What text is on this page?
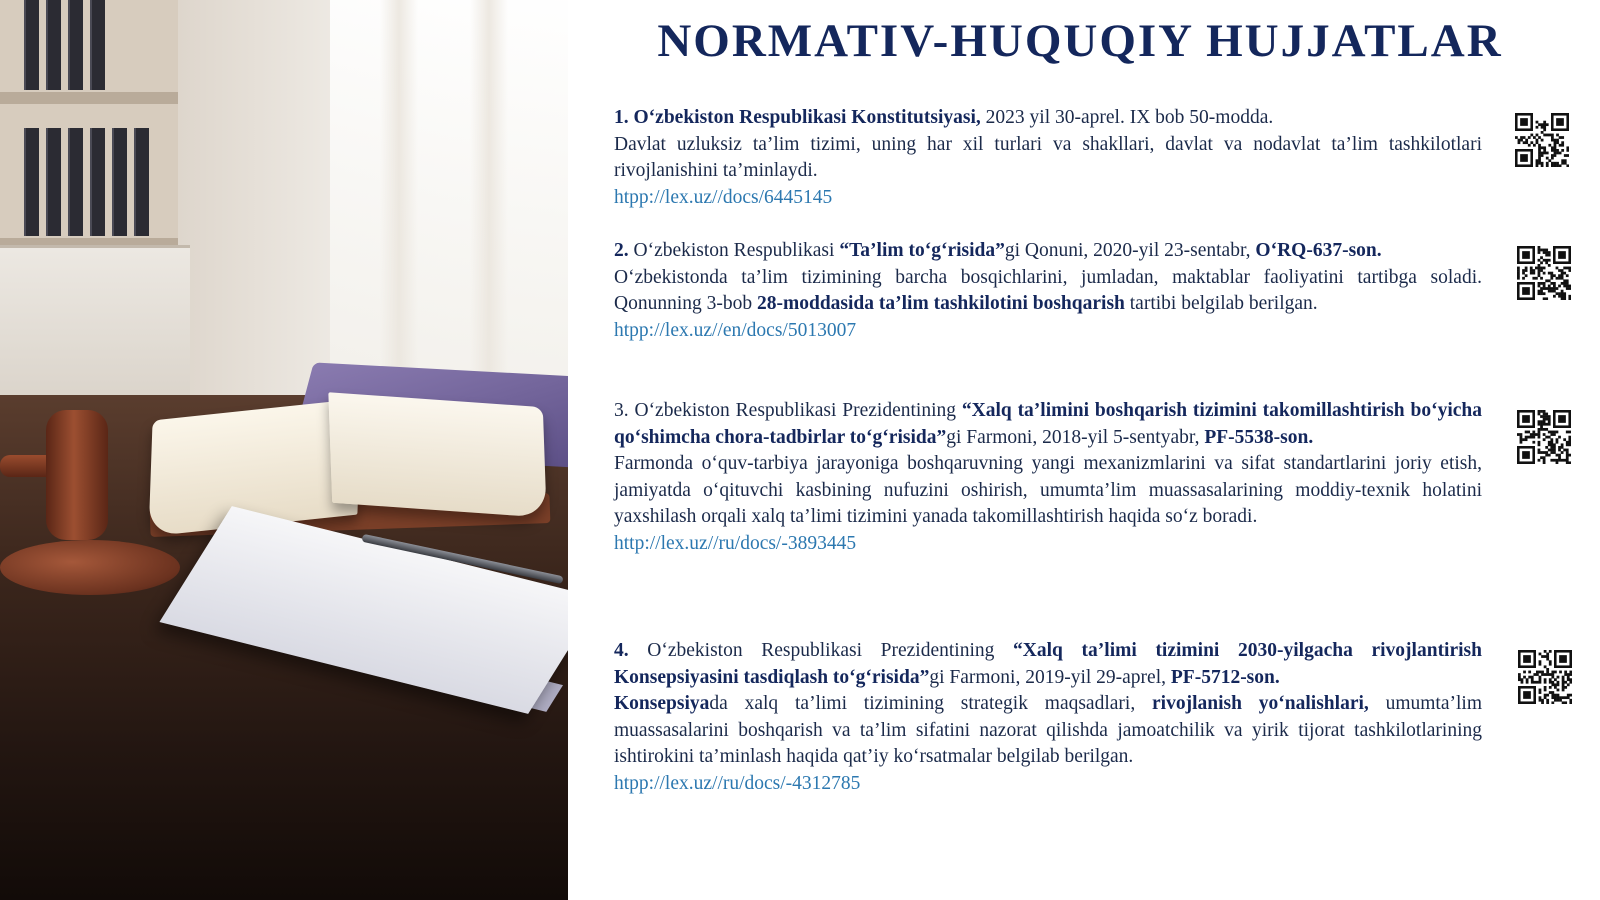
NORMATIV-HUQUQIY HUJJATLAR

1. Oʻzbekiston Respublikasi Konstitutsiyasi, 2023 yil 30-aprel. IX bob 50-modda.

Davlat uzluksiz ta’lim tizimi, uning har xil turlari va shakllari, davlat va nodavlat ta’lim tashkilotlari rivojlanishini ta’minlaydi.

htpp://lex.uz//docs/6445145

2. Oʻzbekiston Respublikasi “Ta’lim toʻgʻrisida”gi Qonuni, 2020-yil 23-sentabr, OʻRQ-637-son.

Oʻzbekistonda ta’lim tizimining barcha bosqichlarini, jumladan, maktablar faoliyatini tartibga soladi. Qonunning 3-bob 28-moddasida ta’lim tashkilotini boshqarish tartibi belgilab berilgan.

htpp://lex.uz//en/docs/5013007

3. Oʻzbekiston Respublikasi Prezidentining “Xalq ta’limini boshqarish tizimini takomillashtirish boʻyicha qoʻshimcha chora-tadbirlar toʻgʻrisida”gi Farmoni, 2018-yil 5-sentyabr, PF-5538-son.

Farmonda oʻquv-tarbiya jarayoniga boshqaruvning yangi mexanizmlarini va sifat standartlarini joriy etish, jamiyatda oʻqituvchi kasbining nufuzini oshirish, umumta’lim muassasalarining moddiy-texnik holatini yaxshilash orqali xalq ta’limi tizimini yanada takomillashtirish haqida soʻz boradi.

http://lex.uz//ru/docs/-3893445

4. Oʻzbekiston Respublikasi Prezidentining “Xalq ta’limi tizimini 2030-yilgacha rivojlantirish Konsepsiyasini tasdiqlash toʻgʻrisida”gi Farmoni, 2019-yil 29-aprel, PF-5712-son.

Konsepsiyada xalq ta’limi tizimining strategik maqsadlari, rivojlanish yoʻnalishlari, umumta’lim muassasalarini boshqarish va ta’lim sifatini nazorat qilishda jamoatchilik va yirik tijorat tashkilotlarining ishtirokini ta’minlash haqida qat’iy koʻrsatmalar belgilab berilgan.

htpp://lex.uz//ru/docs/-4312785
